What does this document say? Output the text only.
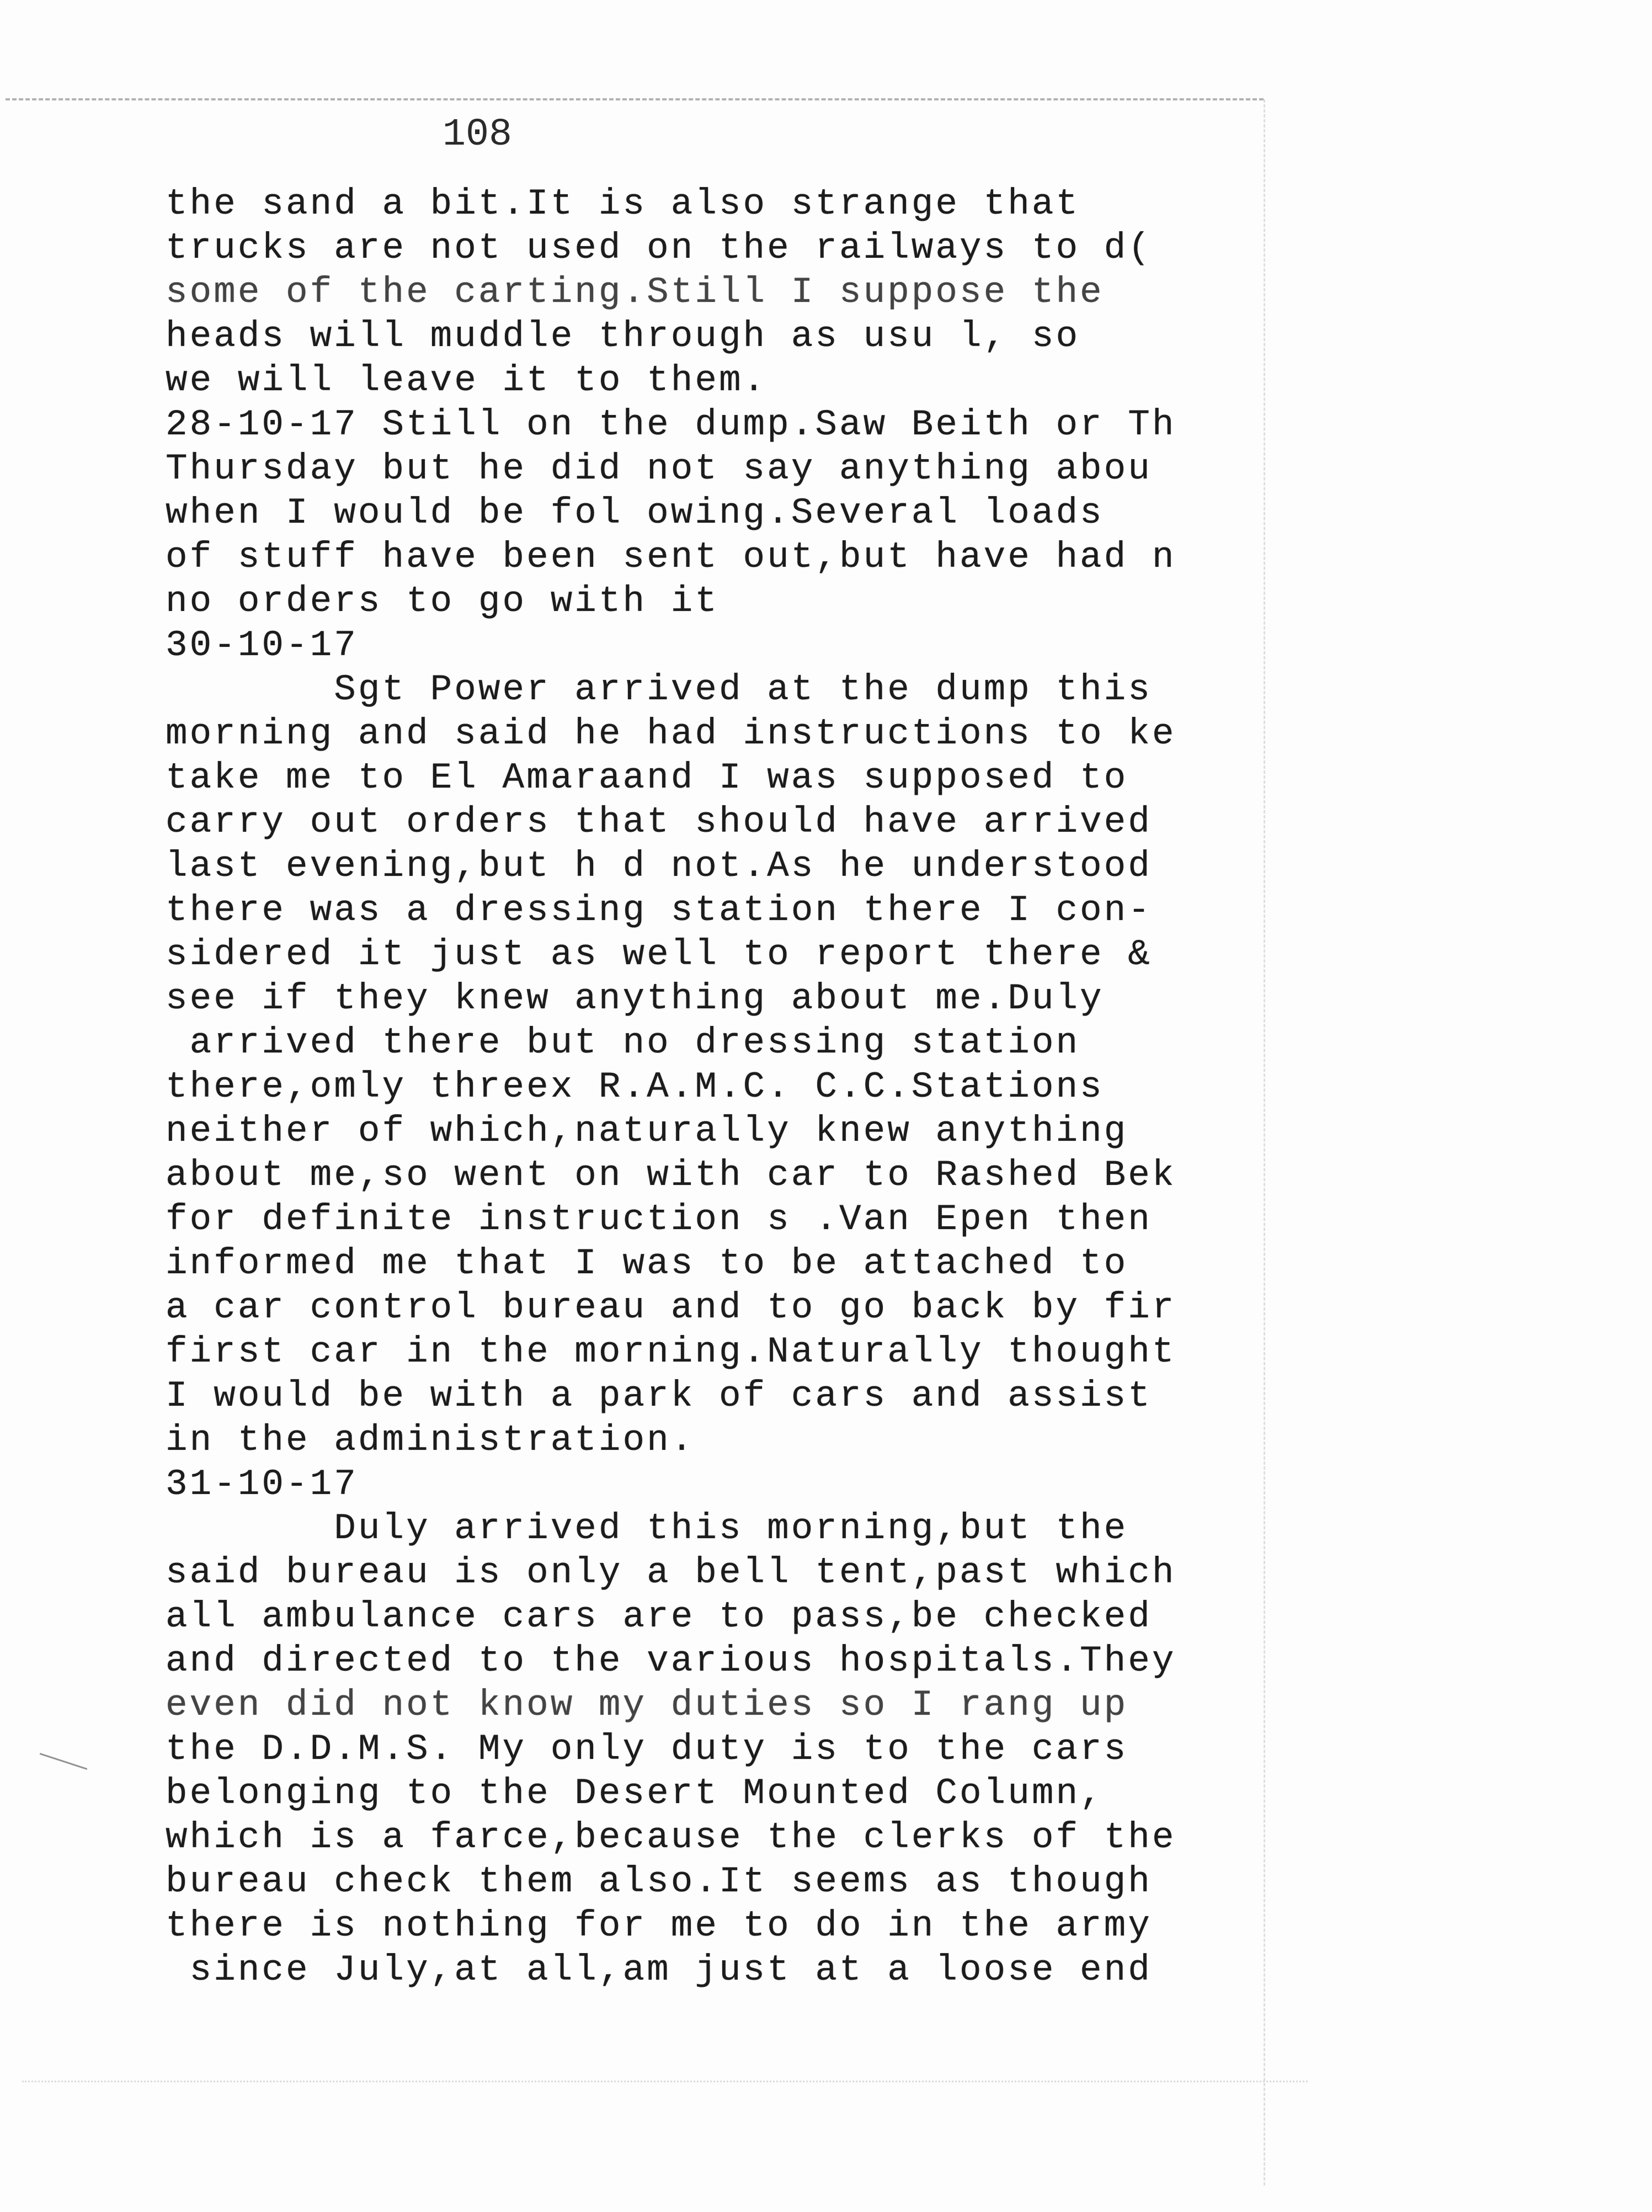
108
the sand a bit.It is also strange that
trucks are not used on the railways to d(
some of the carting.Still I suppose the
heads will muddle through as usu l, so
we will leave it to them.
28-10-17 Still on the dump.Saw Beith or Th
Thursday but he did not say anything abou
when I would be fol owing.Several loads
of stuff have been sent out,but have had n
no orders to go with it
30-10-17
Sgt Power arrived at the dump this
morning and said he had instructions to ke
take me to El Amaraand I was supposed to
carry out orders that should have arrived
last evening,but h d not.As he understood
there was a dressing station there I con-
sidered it just as well to report there &
see if they knew anything about me.Duly
arrived there but no dressing station
there,omly threex R.A.M.C. C.C.Stations
neither of which,naturally knew anything
about me,so went on with car to Rashed Bek
for definite instruction s .Van Epen then
informed me that I was to be attached to
a car control bureau and to go back by fir
first car in the morning.Naturally thought
I would be with a park of cars and assist
in the administration.
31-10-17
Duly arrived this morning,but the
said bureau is only a bell tent,past which
all ambulance cars are to pass,be checked
and directed to the various hospitals.They
even did not know my duties so I rang up
the D.D.M.S. My only duty is to the cars
belonging to the Desert Mounted Column,
which is a farce,because the clerks of the
bureau check them also.It seems as though
there is nothing for me to do in the army
since July,at all,am just at a loose end
